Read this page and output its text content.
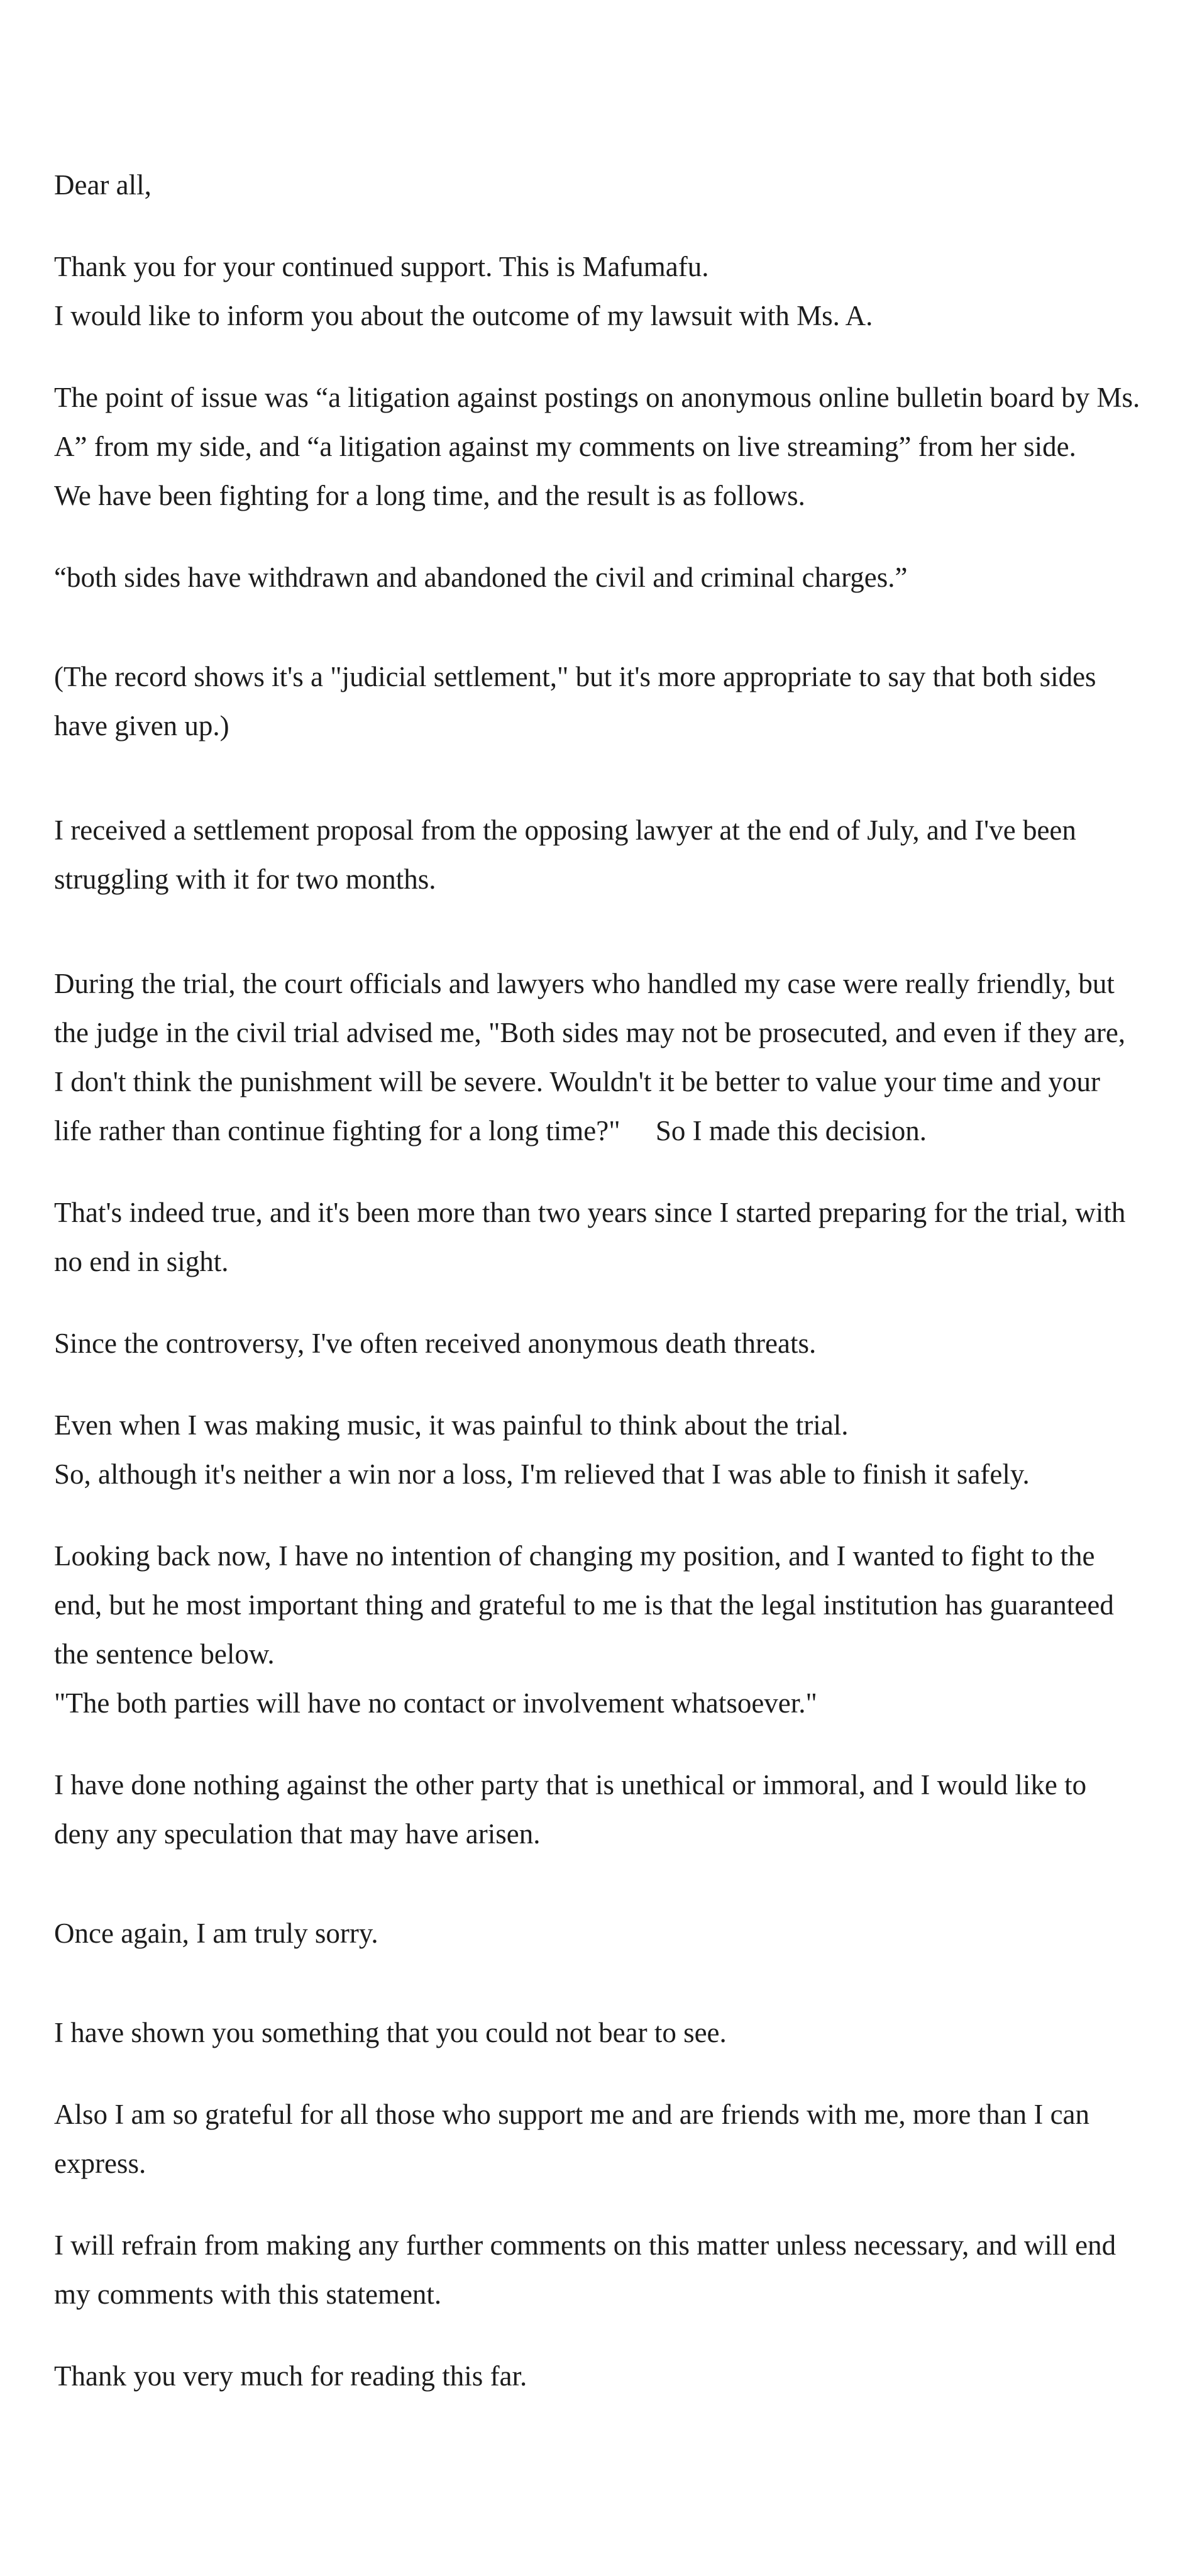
Dear all,

Thank you for your continued support. This is Mafumafu.
I would like to inform you about the outcome of my lawsuit with Ms. A.

The point of issue was “a litigation against postings on anonymous online bulletin board by Ms. A” from my side, and “a litigation against my comments on live streaming” from her side.
We have been fighting for a long time, and the result is as follows.

“both sides have withdrawn and abandoned the civil and criminal charges.”

(The record shows it's a "judicial settlement," but it's more appropriate to say that both sides have given up.)

I received a settlement proposal from the opposing lawyer at the end of July, and I've been struggling with it for two months.

During the trial, the court officials and lawyers who handled my case were really friendly, but the judge in the civil trial advised me, "Both sides may not be prosecuted, and even if they are, I don't think the punishment will be severe. Wouldn't it be better to value your time and your life rather than continue fighting for a long time?"     So I made this decision.

That's indeed true, and it's been more than two years since I started preparing for the trial, with no end in sight.

Since the controversy, I've often received anonymous death threats.

Even when I was making music, it was painful to think about the trial.
So, although it's neither a win nor a loss, I'm relieved that I was able to finish it safely.

Looking back now, I have no intention of changing my position, and I wanted to fight to the end, but he most important thing and grateful to me is that the legal institution has guaranteed the sentence below.
"The both parties will have no contact or involvement whatsoever."

I have done nothing against the other party that is unethical or immoral, and I would like to deny any speculation that may have arisen.

Once again, I am truly sorry.

I have shown you something that you could not bear to see.

Also I am so grateful for all those who support me and are friends with me, more than I can express.

I will refrain from making any further comments on this matter unless necessary, and will end my comments with this statement.

Thank you very much for reading this far.
